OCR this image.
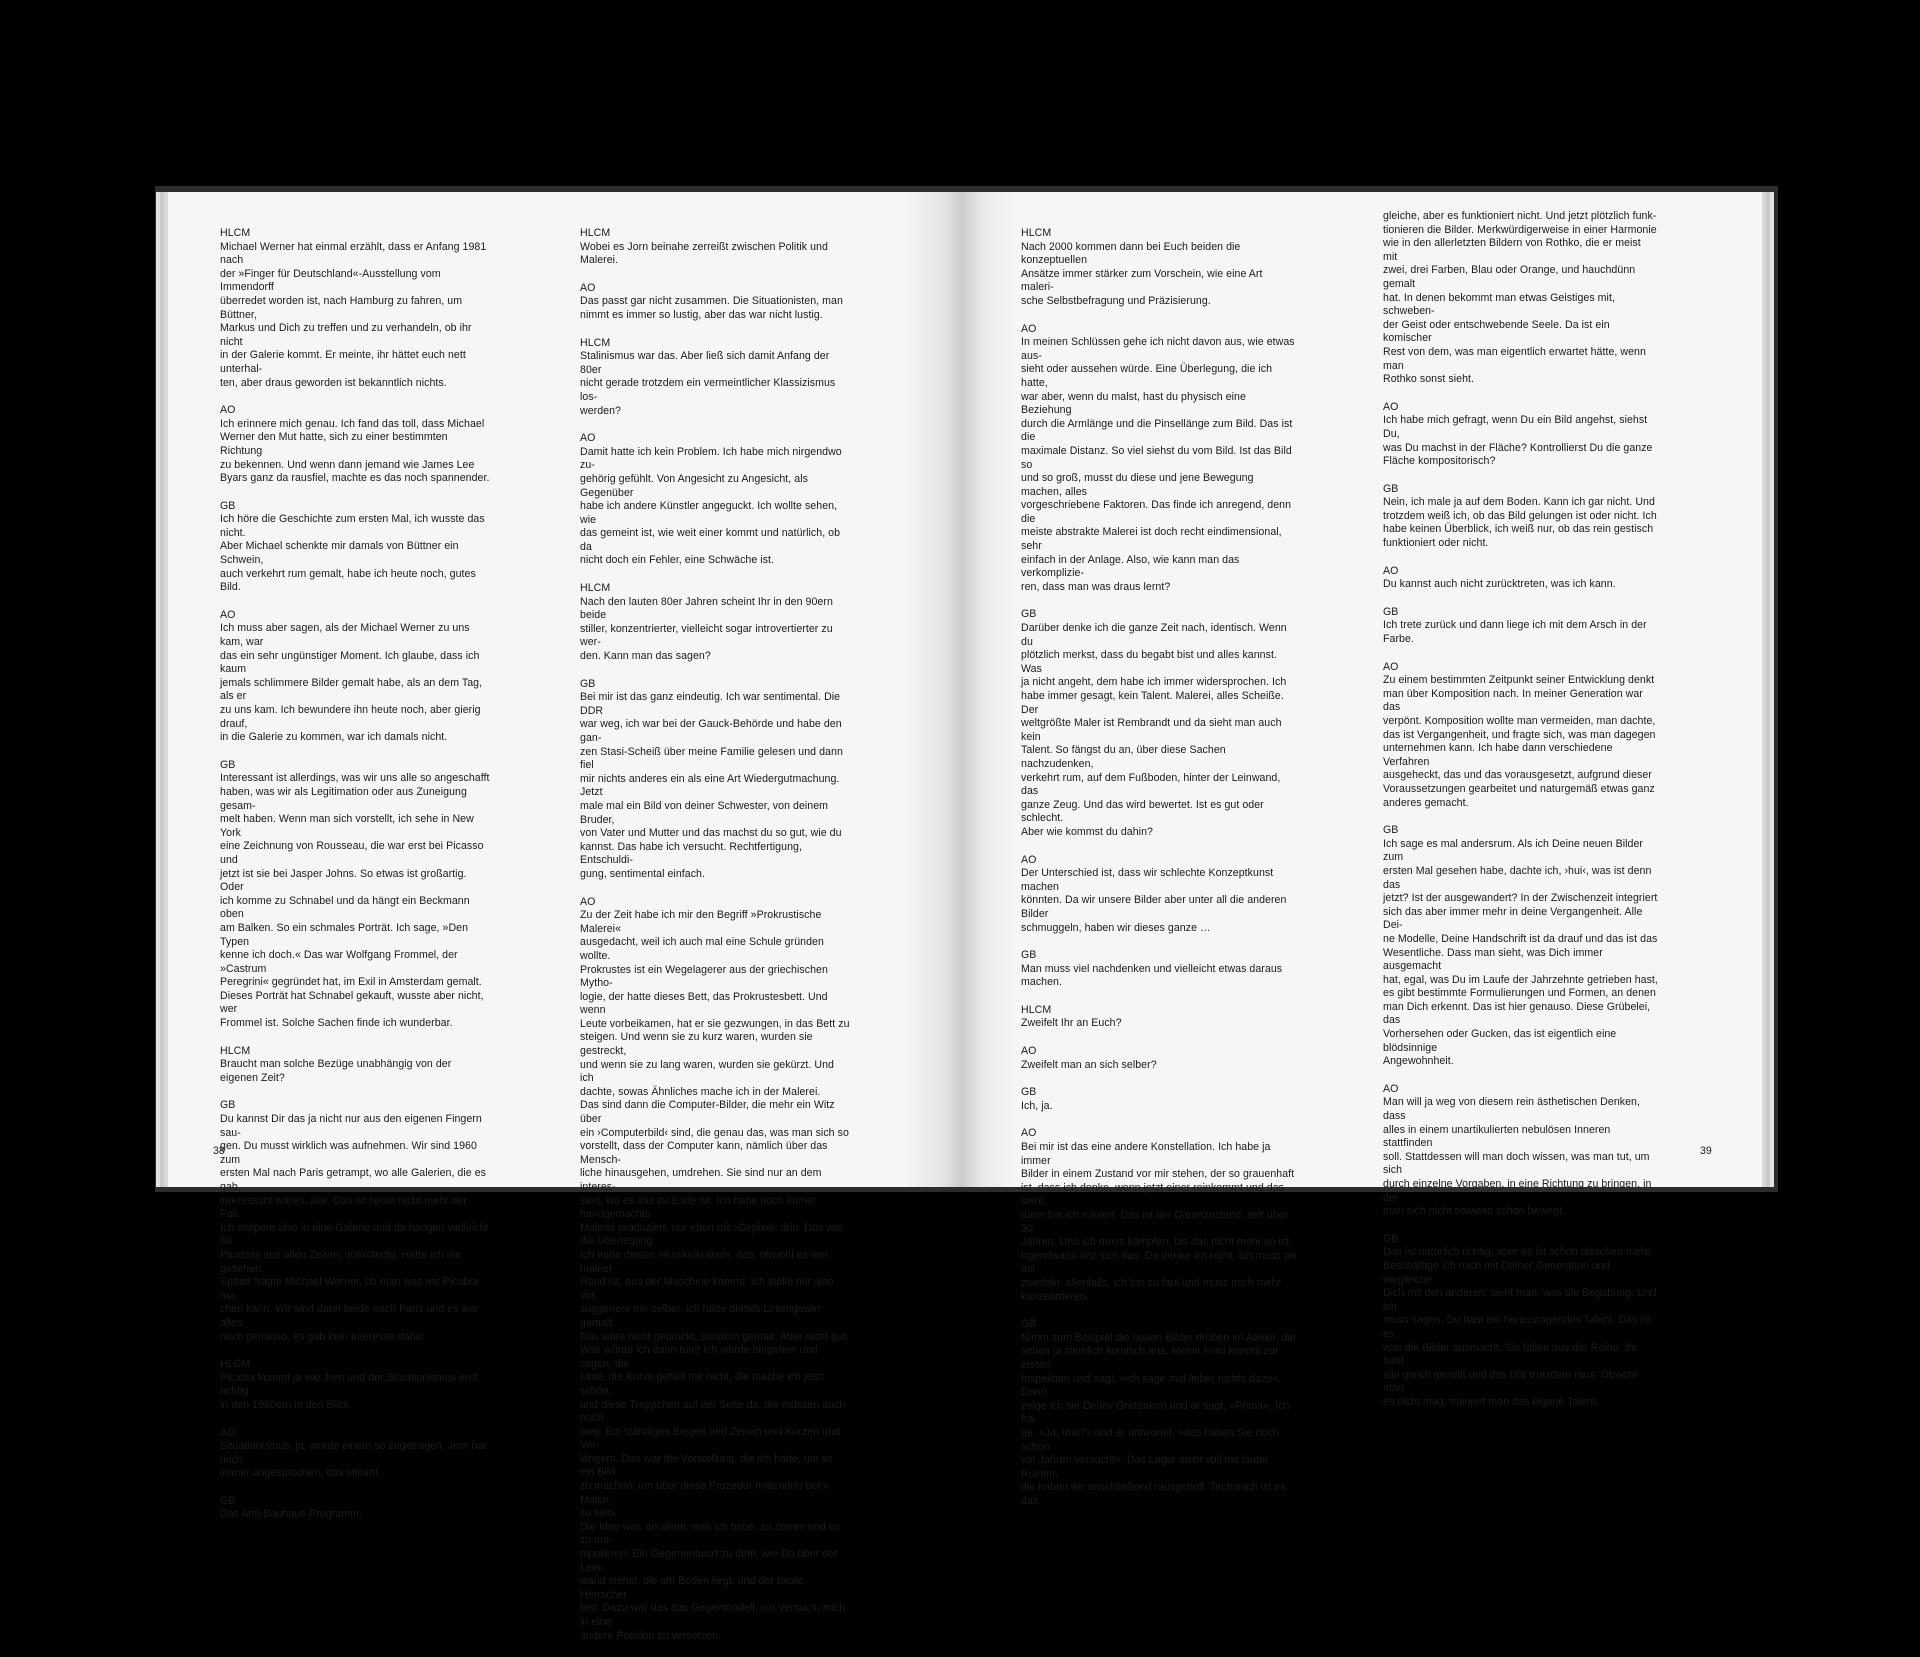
HLCM
Michael Werner hat einmal erzählt, dass er Anfang 1981 nach
der »Finger für Deutschland«-Ausstellung vom Immendorff
überredet worden ist, nach Hamburg zu fahren, um Büttner,
Markus und Dich zu treffen und zu verhandeln, ob ihr nicht
in der Galerie kommt. Er meinte, ihr hättet euch nett unterhal-
ten, aber draus geworden ist bekanntlich nichts.
AO
Ich erinnere mich genau. Ich fand das toll, dass Michael
Werner den Mut hatte, sich zu einer bestimmten Richtung
zu bekennen. Und wenn dann jemand wie James Lee
Byars ganz da rausfiel, machte es das noch spannender.
GB
Ich höre die Geschichte zum ersten Mal, ich wusste das nicht.
Aber Michael schenkte mir damals von Büttner ein Schwein,
auch verkehrt rum gemalt, habe ich heute noch, gutes Bild.
AO
Ich muss aber sagen, als der Michael Werner zu uns kam, war
das ein sehr ungünstiger Moment. Ich glaube, dass ich kaum
jemals schlimmere Bilder gemalt habe, als an dem Tag, als er
zu uns kam. Ich bewundere ihn heute noch, aber gierig drauf,
in die Galerie zu kommen, war ich damals nicht.
GB
Interessant ist allerdings, was wir uns alle so angeschafft
haben, was wir als Legitimation oder aus Zuneigung gesam-
melt haben. Wenn man sich vorstellt, ich sehe in New York
eine Zeichnung von Rousseau, die war erst bei Picasso und
jetzt ist sie bei Jasper Johns. So etwas ist großartig. Oder
ich komme zu Schnabel und da hängt ein Beckmann oben
am Balken. So ein schmales Porträt. Ich sage, »Den Typen
kenne ich doch.« Das war Wolfgang Frommel, der »Castrum
Peregrini« gegründet hat, im Exil in Amsterdam gemalt.
Dieses Porträt hat Schnabel gekauft, wusste aber nicht, wer
Frommel ist. Solche Sachen finde ich wunderbar.
HLCM
Braucht man solche Bezüge unabhängig von der eigenen Zeit?
GB
Du kannst Dir das ja nicht nur aus den eigenen Fingern sau-
gen. Du musst wirklich was aufnehmen. Wir sind 1960 zum
ersten Mal nach Paris getrampt, wo alle Galerien, die es gab,
interessant waren, alle. Das ist heute nicht mehr der Fall.
Ich stolpere also in eine Galerie und da hängen vielleicht 60
Picabias aus allen Zeiten, vollständig. Hatte ich nie gesehen.
Später fragte Michael Werner, ob man was mit Picabia ma-
chen kann. Wir sind dann beide nach Paris und es war alles
noch genauso, es gab kein Interesse dafür.
HLCM
Picabia kommt ja wie Jorn und der Situationismus erst richtig
in den 1980ern in den Blick.
AO
Situationismus, ja, wurde einem so zugetragen. Jorn hat mich
immer angesprochen, das stimmt.
GB
Das Anti-Bauhaus-Programm.
HLCM
Wobei es Jorn beinahe zerreißt zwischen Politik und Malerei.
AO
Das passt gar nicht zusammen. Die Situationisten, man
nimmt es immer so lustig, aber das war nicht lustig.
HLCM
Stalinismus war das. Aber ließ sich damit Anfang der 80er
nicht gerade trotzdem ein vermeintlicher Klassizismus los-
werden?
AO
Damit hatte ich kein Problem. Ich habe mich nirgendwo zu-
gehörig gefühlt. Von Angesicht zu Angesicht, als Gegenüber
habe ich andere Künstler angeguckt. Ich wollte sehen, wie
das gemeint ist, wie weit einer kommt und natürlich, ob da
nicht doch ein Fehler, eine Schwäche ist.
HLCM
Nach den lauten 80er Jahren scheint Ihr in den 90ern beide
stiller, konzentrierter, vielleicht sogar introvertierter zu wer-
den. Kann man das sagen?
GB
Bei mir ist das ganz eindeutig. Ich war sentimental. Die DDR
war weg, ich war bei der Gauck-Behörde und habe den gan-
zen Stasi-Scheiß über meine Familie gelesen und dann fiel
mir nichts anderes ein als eine Art Wiedergutmachung. Jetzt
male mal ein Bild von deiner Schwester, von deinem Bruder,
von Vater und Mutter und das machst du so gut, wie du
kannst. Das habe ich versucht. Rechtfertigung, Entschuldi-
gung, sentimental einfach.
AO
Zu der Zeit habe ich mir den Begriff »Prokrustische Malerei«
ausgedacht, weil ich auch mal eine Schule gründen wollte.
Prokrustes ist ein Wegelagerer aus der griechischen Mytho-
logie, der hatte dieses Bett, das Prokrustesbett. Und wenn
Leute vorbeikamen, hat er sie gezwungen, in das Bett zu
steigen. Und wenn sie zu kurz waren, wurden sie gestreckt,
und wenn sie zu lang waren, wurden sie gekürzt. Und ich
dachte, sowas Ähnliches mache ich in der Malerei.
Das sind dann die Computer-Bilder, die mehr ein Witz über
ein ›Computerbild‹ sind, die genau das, was man sich so
vorstellt, dass der Computer kann, nämlich über das Mensch-
liche hinausgehen, umdrehen. Sie sind nur an dem interes-
siert, wo es das zu Ende ist. Ich habe noch immer handgemachte
Malerei produziert, nur eben mit ›Gepixel‹ drin. Das war die Überlegung.
Ich habe dieses »Krickelkrakel«, das, obwohl es von meiner
Hand ist, aus der Maschine kommt. Ich stelle mir also vor,
suggeriere mir selber, ich hätte dieses Liniengewirr gemalt.
Das wäre nicht gedruckt, sondern gemalt. Aber nicht gut.
Was würde ich dann tun? Ich würde hingehen und sagen, die
Linie, die Kurve gefällt mir nicht, die mache ich jetzt schön,
und diese Treppchen auf der Seite da, die müssen auch noch
weg. Ein ständiges Biegen und Zerren und Kürzen und Ver-
längern. Das war die Vorstellung, die ich hatte, um so ein Bild
zu machen, um über diese Prozedur mittendrin beim Malen
zu sein.
Die Idee war, an allem, was ich habe, zu zerren und es zu ma-
nipulieren. Ein Gegenentwurf zu dem, wie Du über der Lein-
wand stehst, die am Boden liegt, und der totale Herrscher
bist. Dazu war das das Gegenmodell, ein Versuch, mich in eine
andere Position zu versetzen.
38
HLCM
Nach 2000 kommen dann bei Euch beiden die konzeptuellen
Ansätze immer stärker zum Vorschein, wie eine Art maleri-
sche Selbstbefragung und Präzisierung.
AO
In meinen Schlüssen gehe ich nicht davon aus, wie etwas aus-
sieht oder aussehen würde. Eine Überlegung, die ich hatte,
war aber, wenn du malst, hast du physisch eine Beziehung
durch die Armlänge und die Pinsellänge zum Bild. Das ist die
maximale Distanz. So viel siehst du vom Bild. Ist das Bild so
und so groß, musst du diese und jene Bewegung machen, alles
vorgeschriebene Faktoren. Das finde ich anregend, denn die
meiste abstrakte Malerei ist doch recht eindimensional, sehr
einfach in der Anlage. Also, wie kann man das verkomplizie-
ren, dass man was draus lernt?
GB
Darüber denke ich die ganze Zeit nach, identisch. Wenn du
plötzlich merkst, dass du begabt bist und alles kannst. Was
ja nicht angeht, dem habe ich immer widersprochen. Ich
habe immer gesagt, kein Talent. Malerei, alles Scheiße. Der
weltgrößte Maler ist Rembrandt und da sieht man auch kein
Talent. So fängst du an, über diese Sachen nachzudenken,
verkehrt rum, auf dem Fußboden, hinter der Leinwand, das
ganze Zeug. Und das wird bewertet. Ist es gut oder schlecht.
Aber wie kommst du dahin?
AO
Der Unterschied ist, dass wir schlechte Konzeptkunst machen
könnten. Da wir unsere Bilder aber unter all die anderen Bilder
schmuggeln, haben wir dieses ganze …
GB
Man muss viel nachdenken und vielleicht etwas daraus
machen.
HLCM
Zweifelt Ihr an Euch?
AO
Zweifelt man an sich selber?
GB
Ich, ja.
AO
Bei mir ist das eine andere Konstellation. Ich habe ja immer
Bilder in einem Zustand vor mir stehen, der so grauenhaft
ist, dass ich denke, wenn jetzt einer reinkommt und das sieht,
dann bin ich ruiniert. Das ist der Dauerzustand, seit über 30
Jahren. Und ich muss kämpfen, bis das nicht mehr so ist.
Irgendwann löst sich das. Da denke ich nicht, ich muss an mir
zweifeln, allenfalls, ich bin zu faul und muss mich mehr
konzentrieren.
GB
Nimm zum Beispiel die neuen Bilder drüben im Atelier, die
sehen ja ziemlich komisch aus. Meine Frau kommt zur ersten
Inspektion und sagt, »ich sage mal lieber nichts dazu«. Dann
zeige ich sie Detlev Gretenkort und er sagt, »Prima«. Ich fra-
ge, »Ja, und?« und er antwortet, »das haben Sie doch schon
vor Jahren versucht«. Das Lager steht voll mit lauter Ruinen,
die haben wir anschließend rausgeholt. Technisch ist es das
gleiche, aber es funktioniert nicht. Und jetzt plötzlich funk-
tionieren die Bilder. Merkwürdigerweise in einer Harmonie
wie in den allerletzten Bildern von Rothko, die er meist mit
zwei, drei Farben, Blau oder Orange, und hauchdünn gemalt
hat. In denen bekommt man etwas Geistiges mit, schweben-
der Geist oder entschwebende Seele. Da ist ein komischer
Rest von dem, was man eigentlich erwartet hätte, wenn man
Rothko sonst sieht.
AO
Ich habe mich gefragt, wenn Du ein Bild angehst, siehst Du,
was Du machst in der Fläche? Kontrollierst Du die ganze
Fläche kompositorisch?
GB
Nein, ich male ja auf dem Boden. Kann ich gar nicht. Und
trotzdem weiß ich, ob das Bild gelungen ist oder nicht. Ich
habe keinen Überblick, ich weiß nur, ob das rein gestisch
funktioniert oder nicht.
AO
Du kannst auch nicht zurücktreten, was ich kann.
GB
Ich trete zurück und dann liege ich mit dem Arsch in der
Farbe.
AO
Zu einem bestimmten Zeitpunkt seiner Entwicklung denkt
man über Komposition nach. In meiner Generation war das
verpönt. Komposition wollte man vermeiden, man dachte,
das ist Vergangenheit, und fragte sich, was man dagegen
unternehmen kann. Ich habe dann verschiedene Verfahren
ausgeheckt, das und das vorausgesetzt, aufgrund dieser
Voraussetzungen gearbeitet und naturgemäß etwas ganz
anderes gemacht.
GB
Ich sage es mal andersrum. Als ich Deine neuen Bilder zum
ersten Mal gesehen habe, dachte ich, ›hui‹, was ist denn das
jetzt? Ist der ausgewandert? In der Zwischenzeit integriert
sich das aber immer mehr in deine Vergangenheit. Alle Dei-
ne Modelle, Deine Handschrift ist da drauf und das ist das
Wesentliche. Dass man sieht, was Dich immer ausgemacht
hat, egal, was Du im Laufe der Jahrzehnte getrieben hast,
es gibt bestimmte Formulierungen und Formen, an denen
man Dich erkennt. Das ist hier genauso. Diese Grübelei, das
Vorhersehen oder Gucken, das ist eigentlich eine blödsinnige
Angewohnheit.
AO
Man will ja weg von diesem rein ästhetischen Denken, dass
alles in einem unartikulierten nebulösen Inneren stattfinden
soll. Stattdessen will man doch wissen, was man tut, um sich
durch einzelne Vorgaben, in eine Richtung zu bringen, in der
man sich nicht sowieso schon bewegt.
GB
Das ist natürlich richtig, aber es ist schon bisschen mehr.
Beschäftige ich mich mit Deiner Generation und vergleiche
Dich mit den anderen, sieht man, was die Begabung. Und ich
muss sagen, Du hast ein herausragendes Talent. Das ist es,
was die Bilder ausmacht. Sie fallen aus der Reihe. Ihr habt
alle gleich gemalt und das fällt trotzdem raus. Obwohl man
es nicht mag, trainiert man das eigene Talent.
39
